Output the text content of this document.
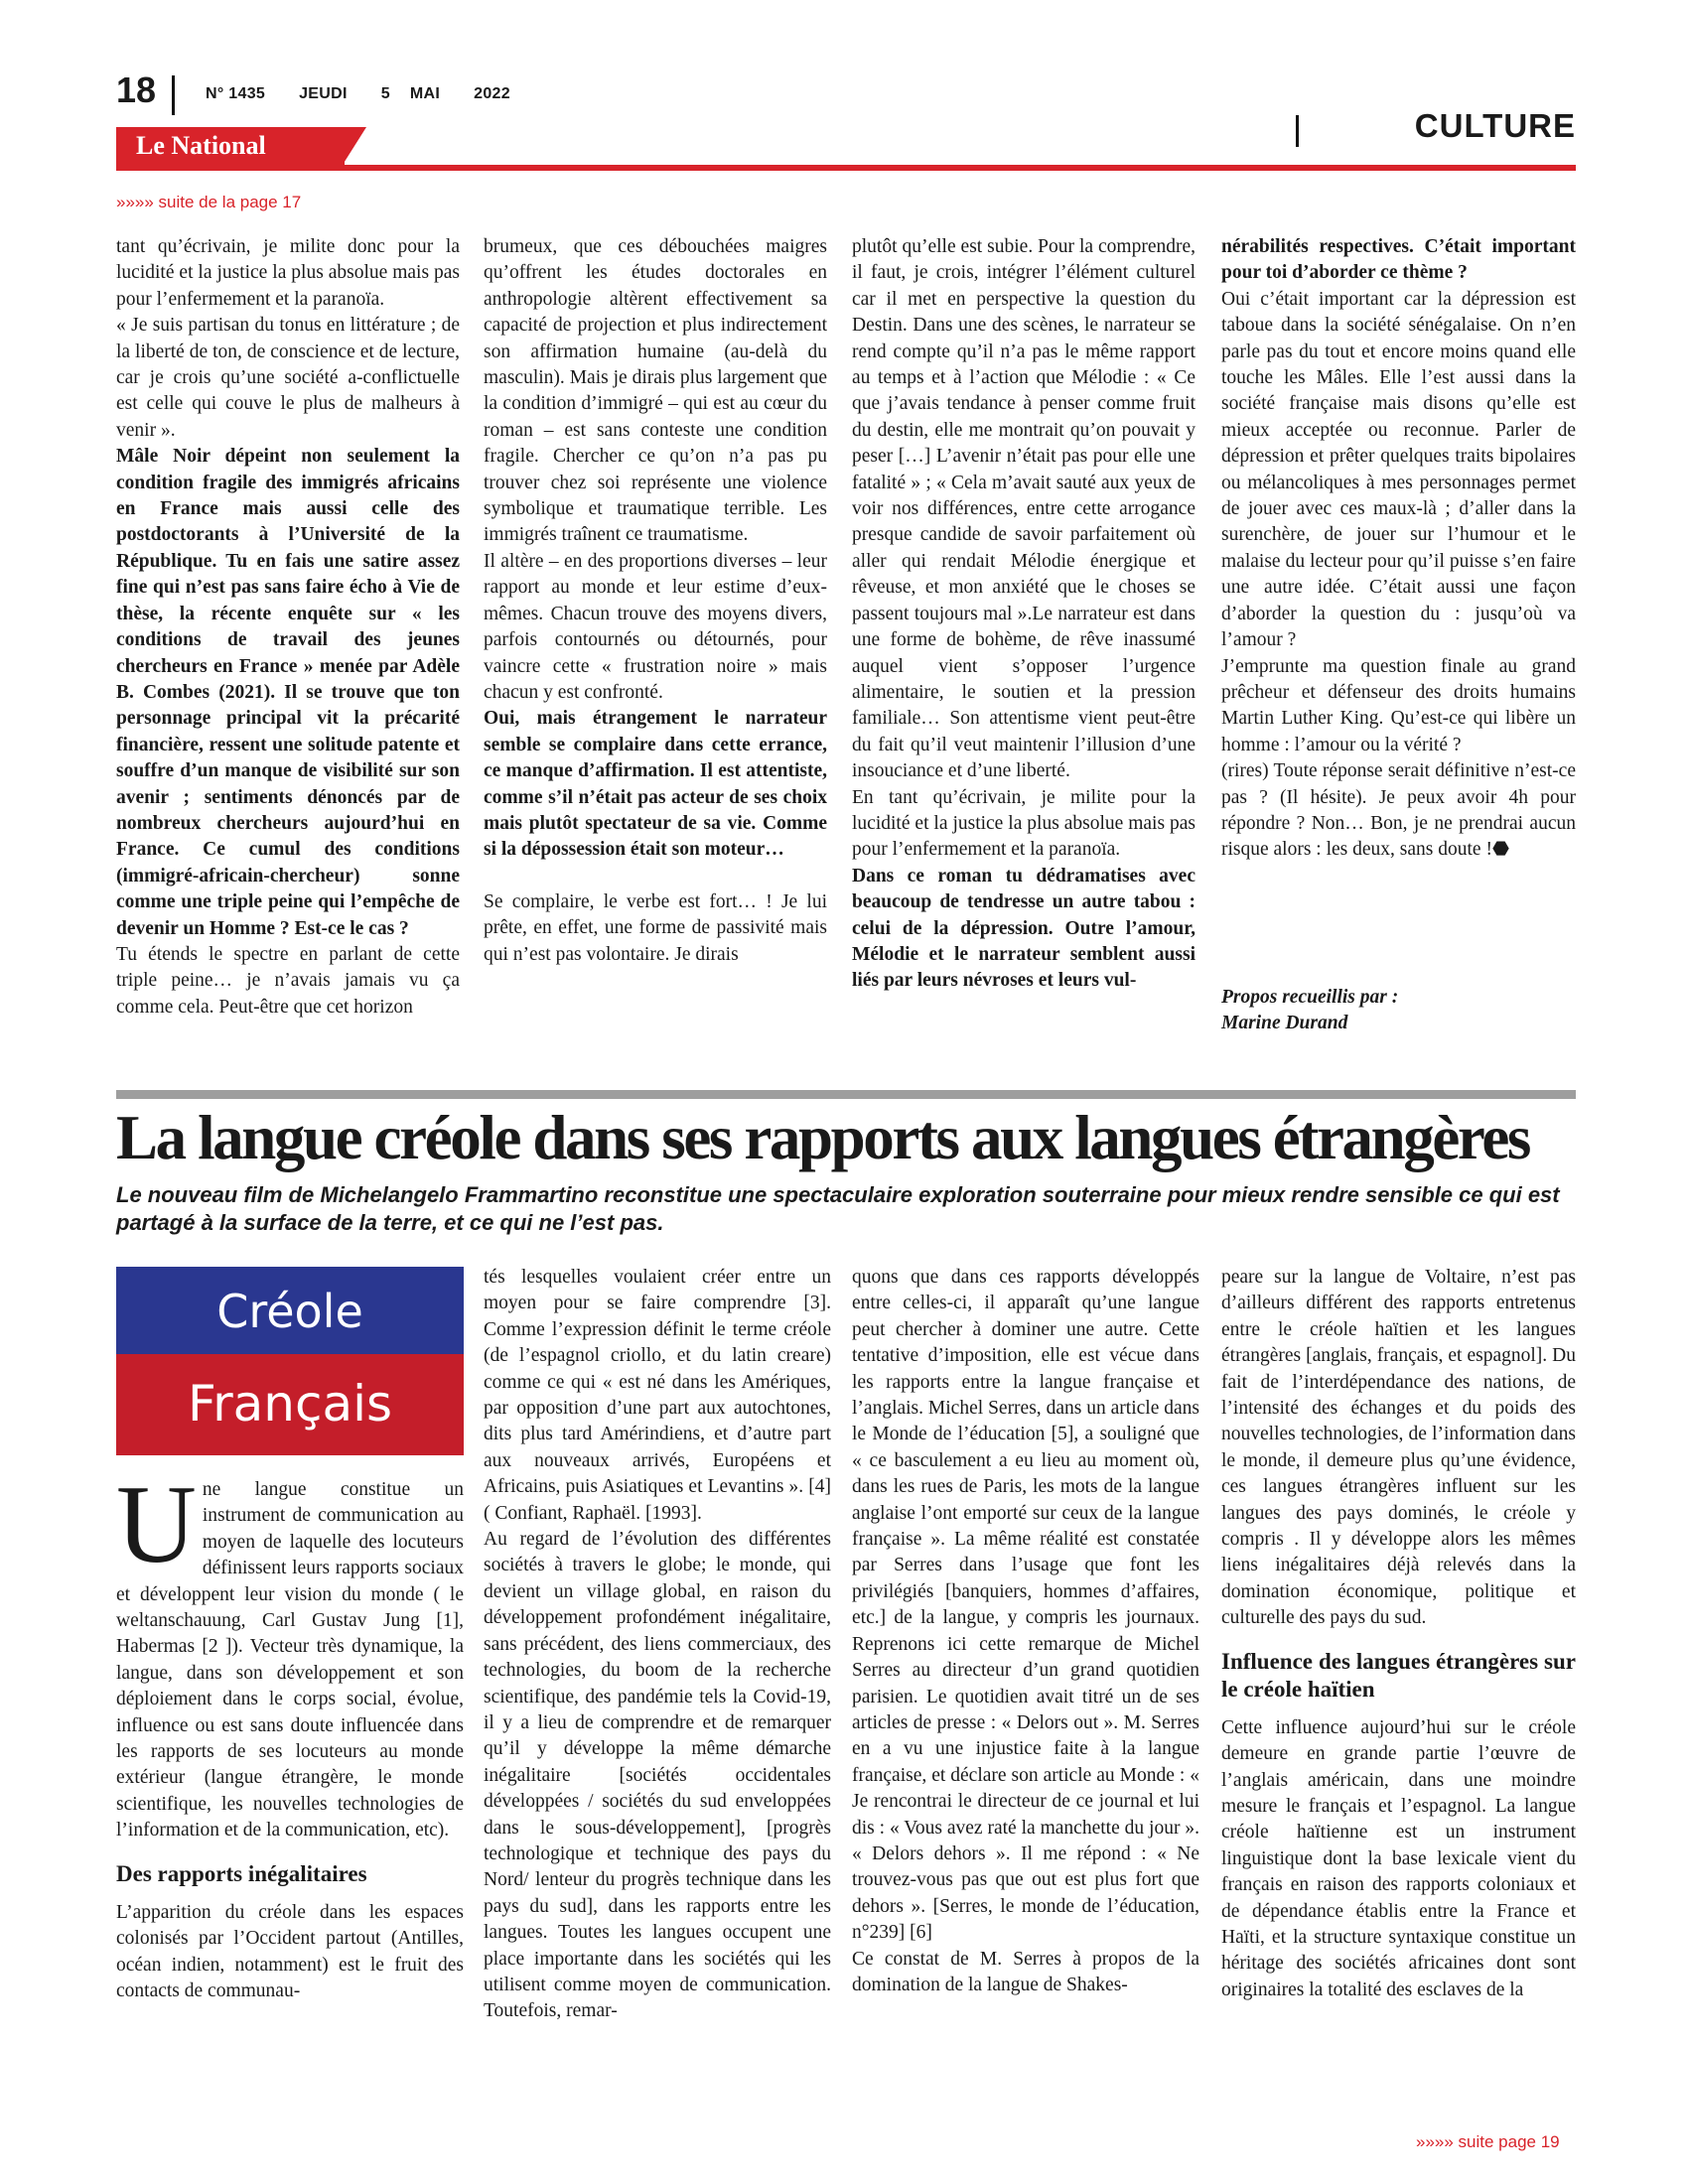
18	N° 1435 JEUDI 5 MAI 2022
Le National
CULTURE
»»»» suite de la page 17

tant qu’écrivain, je milite donc pour la lucidité et la justice la plus absolue mais pas pour l’enfermement et la paranoïa.

« Je suis partisan du tonus en littérature ; de la liberté de ton, de conscience et de lecture, car je crois qu’une société a-conflictuelle est celle qui couve le plus de malheurs à venir ».

Mâle Noir dépeint non seulement la condition fragile des immigrés africains en France mais aussi celle des postdoctorants à l’Université de la République. Tu en fais une satire assez fine qui n’est pas sans faire écho à Vie de thèse, la récente enquête sur « les conditions de travail des jeunes chercheurs en France » menée par Adèle B. Combes (2021). Il se trouve que ton personnage principal vit la précarité financière, ressent une solitude patente et souffre d’un manque de visibilité sur son avenir ; sentiments dénoncés par de nombreux chercheurs aujourd’hui en France. Ce cumul des conditions (immigré-africain-chercheur) sonne comme une triple peine qui l’empêche de devenir un Homme ? Est-ce le cas ?

Tu étends le spectre en parlant de cette triple peine… je n’avais jamais vu ça comme cela. Peut-être que cet horizon

brumeux, que ces débouchées maigres qu’offrent les études doctorales en anthropologie altèrent effectivement sa capacité de projection et plus indirectement son affirmation humaine (au-delà du masculin). Mais je dirais plus largement que la condition d’immigré – qui est au cœur du roman – est sans conteste une condition fragile. Chercher ce qu’on n’a pas pu trouver chez soi représente une violence symbolique et traumatique terrible. Les immigrés traînent ce traumatisme.

Il altère – en des proportions diverses – leur rapport au monde et leur estime d’eux-mêmes. Chacun trouve des moyens divers, parfois contournés ou détournés, pour vaincre cette « frustration noire » mais chacun y est confronté.

Oui, mais étrangement le narrateur semble se complaire dans cette errance, ce manque d’affirmation. Il est attentiste, comme s’il n’était pas acteur de ses choix mais plutôt spectateur de sa vie. Comme si la dépossession était son moteur…

Se complaire, le verbe est fort… ! Je lui prête, en effet, une forme de passivité mais qui n’est pas volontaire. Je dirais

plutôt qu’elle est subie. Pour la comprendre, il faut, je crois, intégrer l’élément culturel car il met en perspective la question du Destin. Dans une des scènes, le narrateur se rend compte qu’il n’a pas le même rapport au temps et à l’action que Mélodie : « Ce que j’avais tendance à penser comme fruit du destin, elle me montrait qu’on pouvait y peser […] L’avenir n’était pas pour elle une fatalité » ; « Cela m’avait sauté aux yeux de voir nos différences, entre cette arrogance presque candide de savoir parfaitement où aller qui rendait Mélodie énergique et rêveuse, et mon anxiété que le choses se passent toujours mal ».Le narrateur est dans une forme de bohème, de rêve inassumé auquel vient s’opposer l’urgence alimentaire, le soutien et la pression familiale… Son attentisme vient peut-être du fait qu’il veut maintenir l’illusion d’une insouciance et d’une liberté.

En tant qu’écrivain, je milite pour la lucidité et la justice la plus absolue mais pas pour l’enfermement et la paranoïa.

Dans ce roman tu dédramatises avec beaucoup de tendresse un autre tabou : celui de la dépression. Outre l’amour, Mélodie et le narrateur semblent aussi liés par leurs névroses et leurs vul-

nérabilités respectives. C’était important pour toi d’aborder ce thème ?

Oui c’était important car la dépression est taboue dans la société sénégalaise. On n’en parle pas du tout et encore moins quand elle touche les Mâles. Elle l’est aussi dans la société française mais disons qu’elle est mieux acceptée ou reconnue. Parler de dépression et prêter quelques traits bipolaires ou mélancoliques à mes personnages permet de jouer avec ces maux-là ; d’aller dans la surenchère, de jouer sur l’humour et le malaise du lecteur pour qu’il puisse s’en faire une autre idée. C’était aussi une façon d’aborder la question du : jusqu’où va l’amour ?

J’emprunte ma question finale au grand prêcheur et défenseur des droits humains Martin Luther King. Qu’est-ce qui libère un homme : l’amour ou la vérité ?

(rires) Toute réponse serait définitive n’est-ce pas ? (Il hésite). Je peux avoir 4h pour répondre ? Non… Bon, je ne prendrai aucun risque alors : les deux, sans doute !⬣

Propos recueillis par :

Marine Durand

La langue créole dans ses rapports aux langues étrangères
Le nouveau film de Michelangelo Frammartino reconstitue une spectaculaire exploration souterraine pour mieux rendre sensible ce qui est partagé à la surface de la terre, et ce qui ne l’est pas.
Créole
Français

Une langue constitue un instrument de communication au moyen de laquelle des locuteurs définissent leurs rapports sociaux et développent leur vision du monde ( le weltanschauung, Carl Gustav Jung [1], Habermas [2 ]). Vecteur très dynamique, la langue, dans son développement et son déploiement dans le corps social, évolue, influence ou est sans doute influencée dans les rapports de ses locuteurs au monde extérieur (langue étrangère, le monde scientifique, les nouvelles technologies de l’information et de la communication, etc).

Des rapports inégalitaires

L’apparition du créole dans les espaces colonisés par l’Occident partout (Antilles, océan indien, notamment) est le fruit des contacts de communau-

tés lesquelles voulaient créer entre un moyen pour se faire comprendre [3]. Comme l’expression définit le terme créole (de l’espagnol criollo, et du latin creare) comme ce qui « est né dans les Amériques, par opposition d’une part aux autochtones, dits plus tard Amérindiens, et d’autre part aux nouveaux arrivés, Européens et Africains, puis Asiatiques et Levantins ». [4] ( Confiant, Raphaël. [1993].

Au regard de l’évolution des différentes sociétés à travers le globe; le monde, qui devient un village global, en raison du développement profondément inégalitaire, sans précédent, des liens commerciaux, des technologies, du boom de la recherche scientifique, des pandémie tels la Covid-19, il y a lieu de comprendre et de remarquer qu’il y développe la même démarche inégalitaire [sociétés occidentales développées / sociétés du sud enveloppées dans le sous-développement], [progrès technologique et technique des pays du Nord/ lenteur du progrès technique dans les pays du sud], dans les rapports entre les langues. Toutes les langues occupent une place importante dans les sociétés qui les utilisent comme moyen de communication. Toutefois, remar-

quons que dans ces rapports développés entre celles-ci, il apparaît qu’une langue peut chercher à dominer une autre. Cette tentative d’imposition, elle est vécue dans les rapports entre la langue française et l’anglais. Michel Serres, dans un article dans le Monde de l’éducation [5], a souligné que « ce basculement a eu lieu au moment où, dans les rues de Paris, les mots de la langue anglaise l’ont emporté sur ceux de la langue française ». La même réalité est constatée par Serres dans l’usage que font les privilégiés [banquiers, hommes d’affaires, etc.] de la langue, y compris les journaux. Reprenons ici cette remarque de Michel Serres au directeur d’un grand quotidien parisien. Le quotidien avait titré un de ses articles de presse : « Delors out ». M. Serres en a vu une injustice faite à la langue française, et déclare son article au Monde : « Je rencontrai le directeur de ce journal et lui dis : « Vous avez raté la manchette du jour ». « Delors dehors ». Il me répond : « Ne trouvez-vous pas que out est plus fort que dehors ». [Serres, le monde de l’éducation, n°239] [6]

Ce constat de M. Serres à propos de la domination de la langue de Shakes-

peare sur la langue de Voltaire, n’est pas d’ailleurs différent des rapports entretenus entre le créole haïtien et les langues étrangères [anglais, français, et espagnol]. Du fait de l’interdépendance des nations, de l’intensité des échanges et du poids des nouvelles technologies, de l’information dans le monde, il demeure plus qu’une évidence, ces langues étrangères influent sur les langues des pays dominés, le créole y compris . Il y développe alors les mêmes liens inégalitaires déjà relevés dans la domination économique, politique et culturelle des pays du sud.

Influence des langues étrangères sur le créole haïtien

Cette influence aujourd’hui sur le créole demeure en grande partie l’œuvre de l’anglais américain, dans une moindre mesure le français et l’espagnol. La langue créole haïtienne est un instrument linguistique dont la base lexicale vient du français en raison des rapports coloniaux et de dépendance établis entre la France et Haïti, et la structure syntaxique constitue un héritage des sociétés africaines dont sont originaires la totalité des esclaves de la

»»»» suite page 19
